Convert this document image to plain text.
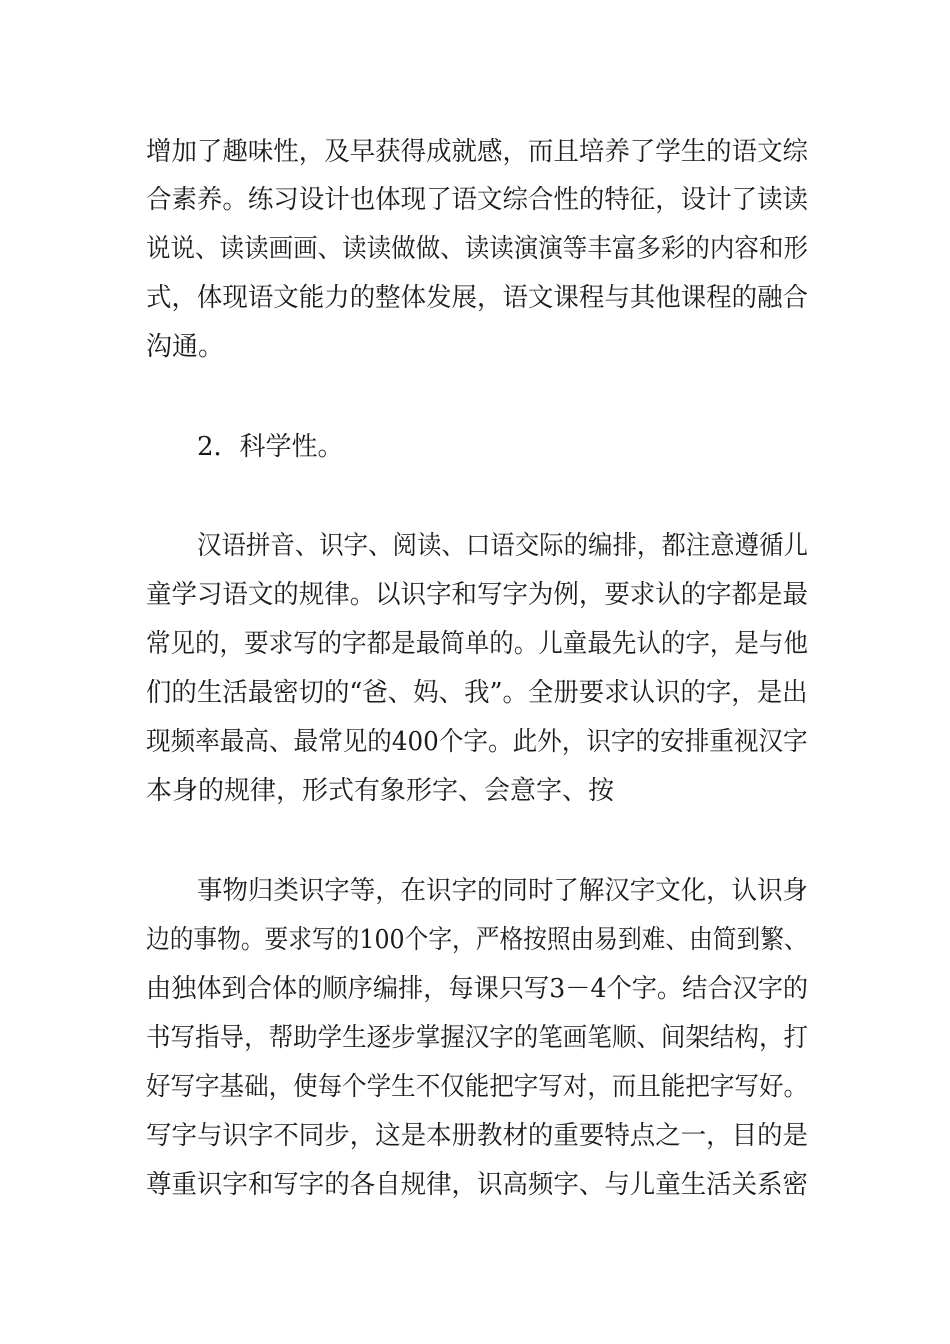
增加了趣味性，及早获得成就感，而且培养了学生的语文综
合素养。练习设计也体现了语文综合性的特征，设计了读读
说说、读读画画、读读做做、读读演演等丰富多彩的内容和形
式，体现语文能力的整体发展，语文课程与其他课程的融合
沟通。
2．科学性。
汉语拼音、识字、阅读、口语交际的编排，都注意遵循儿
童学习语文的规律。以识字和写字为例，要求认的字都是最
常见的，要求写的字都是最简单的。儿童最先认的字，是与他
们的生活最密切的“爸、妈、我”。全册要求认识的字，是出
现频率最高、最常见的400个字。此外，识字的安排重视汉字
本身的规律，形式有象形字、会意字、按
事物归类识字等，在识字的同时了解汉字文化，认识身
边的事物。要求写的100个字，严格按照由易到难、由简到繁、
由独体到合体的顺序编排，每课只写3－4个字。结合汉字的
书写指导，帮助学生逐步掌握汉字的笔画笔顺、间架结构，打
好写字基础，使每个学生不仅能把字写对，而且能把字写好。
写字与识字不同步，这是本册教材的重要特点之一，目的是
尊重识字和写字的各自规律，识高频字、与儿童生活关系密
